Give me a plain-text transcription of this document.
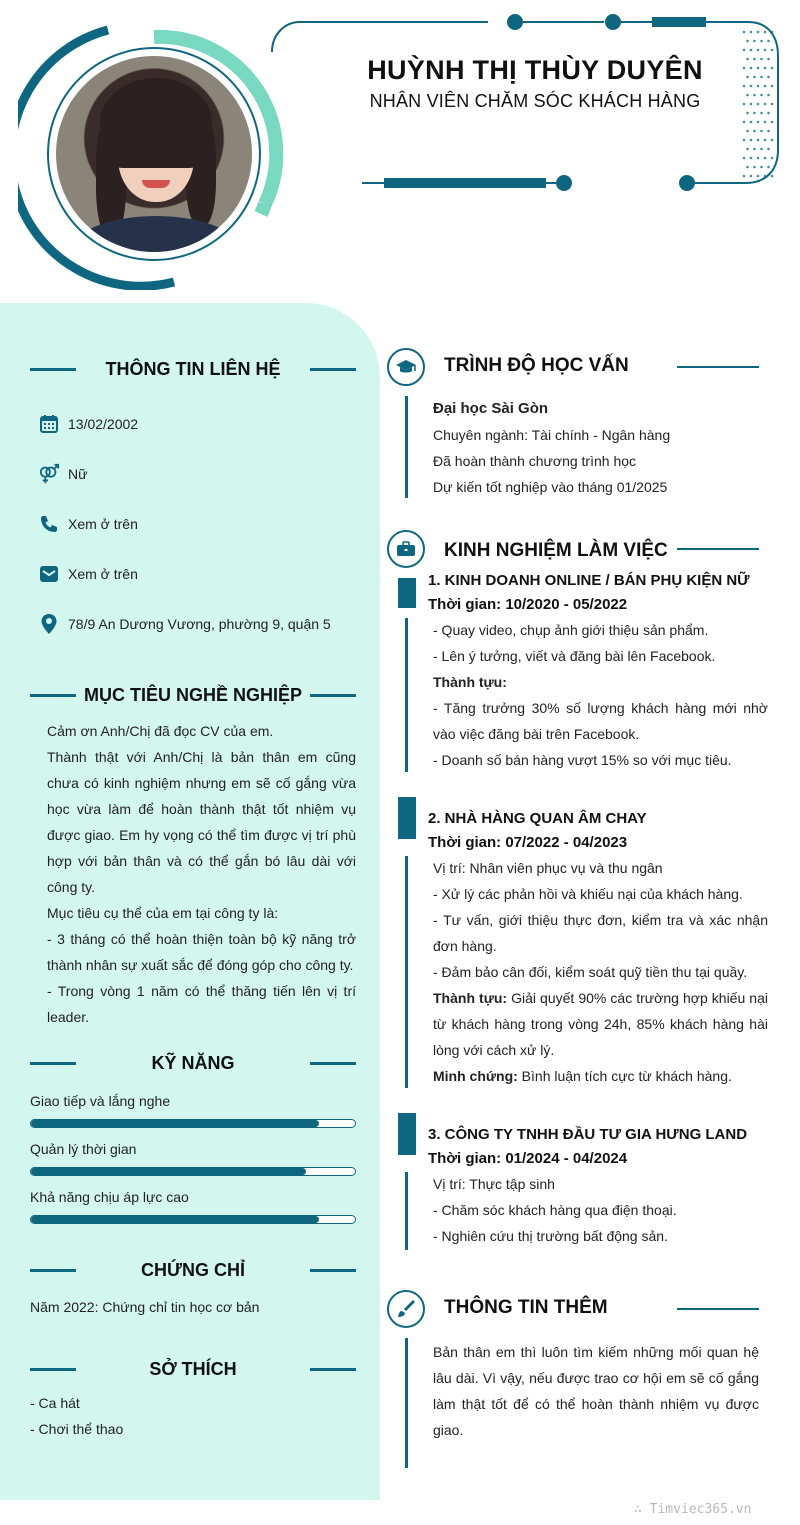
HUỲNH THỊ THÙY DUYÊN
NHÂN VIÊN CHĂM SÓC KHÁCH HÀNG
THÔNG TIN LIÊN HỆ
13/02/2002
Nữ
Xem ở trên
Xem ở trên
78/9 An Dương Vương, phường 9, quận 5
MỤC TIÊU NGHỀ NGHIỆP
Cảm ơn Anh/Chị đã đọc CV của em.
Thành thật với Anh/Chị là bản thân em cũng chưa có kinh nghiệm nhưng em sẽ cố gắng vừa học vừa làm để hoàn thành thật tốt nhiệm vụ được giao. Em hy vọng có thể tìm được vị trí phù hợp với bản thân và có thể gắn bó lâu dài với công ty.
Mục tiêu cụ thể của em tại công ty là:
- 3 tháng có thể hoàn thiện toàn bộ kỹ năng trở thành nhân sự xuất sắc để đóng góp cho công ty.
- Trong vòng 1 năm có thể thăng tiến lên vị trí leader.
KỸ NĂNG
Giao tiếp và lắng nghe
Quản lý thời gian
Khả năng chịu áp lực cao
CHỨNG CHỈ
Năm 2022: Chứng chỉ tin học cơ bản
SỞ THÍCH
- Ca hát
- Chơi thể thao
TRÌNH ĐỘ HỌC VẤN
Đại học Sài Gòn
Chuyên ngành: Tài chính - Ngân hàng
Đã hoàn thành chương trình học
Dự kiến tốt nghiệp vào tháng 01/2025
KINH NGHIỆM LÀM VIỆC
1. KINH DOANH ONLINE / BÁN PHỤ KIỆN NỮ
Thời gian: 10/2020 - 05/2022
- Quay video, chụp ảnh giới thiệu sản phẩm.
- Lên ý tưởng, viết và đăng bài lên Facebook.
Thành tựu:
- Tăng trưởng 30% số lượng khách hàng mới nhờ vào việc đăng bài trên Facebook.
- Doanh số bán hàng vượt 15% so với mục tiêu.
2. NHÀ HÀNG QUAN ÂM CHAY
Thời gian: 07/2022 - 04/2023
Vị trí: Nhân viên phục vụ và thu ngân
- Xử lý các phản hồi và khiếu nại của khách hàng.
- Tư vấn, giới thiệu thực đơn, kiểm tra và xác nhận đơn hàng.
- Đảm bảo cân đối, kiểm soát quỹ tiền thu tại quầy.
Thành tựu: Giải quyết 90% các trường hợp khiếu nại từ khách hàng trong vòng 24h, 85% khách hàng hài lòng với cách xử lý.
Minh chứng: Bình luận tích cực từ khách hàng.
3. CÔNG TY TNHH ĐẦU TƯ GIA HƯNG LAND
Thời gian: 01/2024 - 04/2024
Vị trí: Thực tập sinh
- Chăm sóc khách hàng qua điện thoại.
- Nghiên cứu thị trường bất động sản.
THÔNG TIN THÊM
Bản thân em thì luôn tìm kiếm những mối quan hệ lâu dài. Vì vậy, nếu được trao cơ hội em sẽ cố gắng làm thật tốt để có thể hoàn thành nhiệm vụ được giao.
∴ Timviec365.vn
